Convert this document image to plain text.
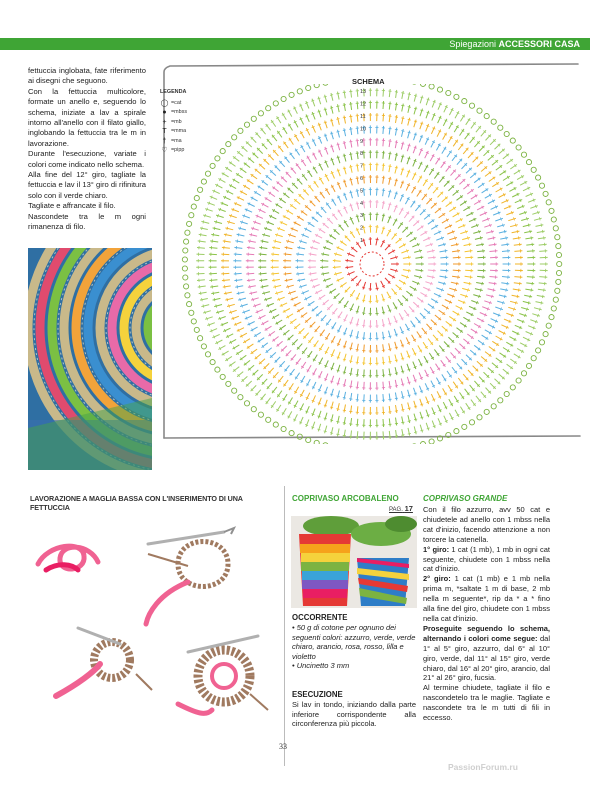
Spiegazioni ACCESSORI CASA

fettuccia inglobata, fate riferimento ai disegni che seguono.

Con la fettuccia multicolore, formate un anello e, seguendo lo schema, iniziate a lav a spirale intorno all'anello con il filato giallo, inglobando la fettuccia tra le m in lavorazione.

Durante l'esecuzione, variate i colori come indicato nello schema.

Alla fine del 12° giro, tagliate la fettuccia e lav il 13° giro di rifinitura solo con il verde chiaro.

Tagliate e affrancate il filo.

Nascondete tra le m ogni rimanenza di filo.

SCHEMA
LEGENDA
◯ =cat
● =mbss
+ =mb
T =mma
† =ma
♡ =pipp
1
2
3
4
5
6
7
8
9
10
11
12
13
LAVORAZIONE A MAGLIA BASSA CON L'INSERIMENTO DI UNA FETTUCCIA
COPRIVASO ARCOBALENO
PAG. 17
OCCORRENTE

• 50 g di cotone per ognuno dei seguenti colori: azzurro, verde, verde chiaro, arancio, rosa, rosso, lilla e violetto

• Uncinetto 3 mm

ESECUZIONE
Si lav in tondo, iniziando dalla parte inferiore corrispondente alla circonferenza più piccola.
COPRIVASO GRANDE

Con il filo azzurro, avv 50 cat e chiudetele ad anello con 1 mbss nella cat d'inizio, facendo attenzione a non torcere la catenella.

1° giro: 1 cat (1 mb), 1 mb in ogni cat seguente, chiudete con 1 mbss nella cat d'inizio.

2° giro: 1 cat (1 mb) e 1 mb nella prima m, *saltate 1 m di base, 2 mb nella m seguente*, rip da * a * fino alla fine del giro, chiudete con 1 mbss nella cat d'inizio.

Proseguite seguendo lo schema, alternando i colori come segue: dal 1° al 5° giro, azzurro, dal 6° al 10° giro, verde, dal 11° al 15° giro, verde chiaro, dal 16° al 20° giro, arancio, dal 21° al 26° giro, fucsia.

Al termine chiudete, tagliate il filo e nascondetelo tra le maglie. Tagliate e nascondete tra le m tutti di fili in eccesso.

33
PassionForum.ru
